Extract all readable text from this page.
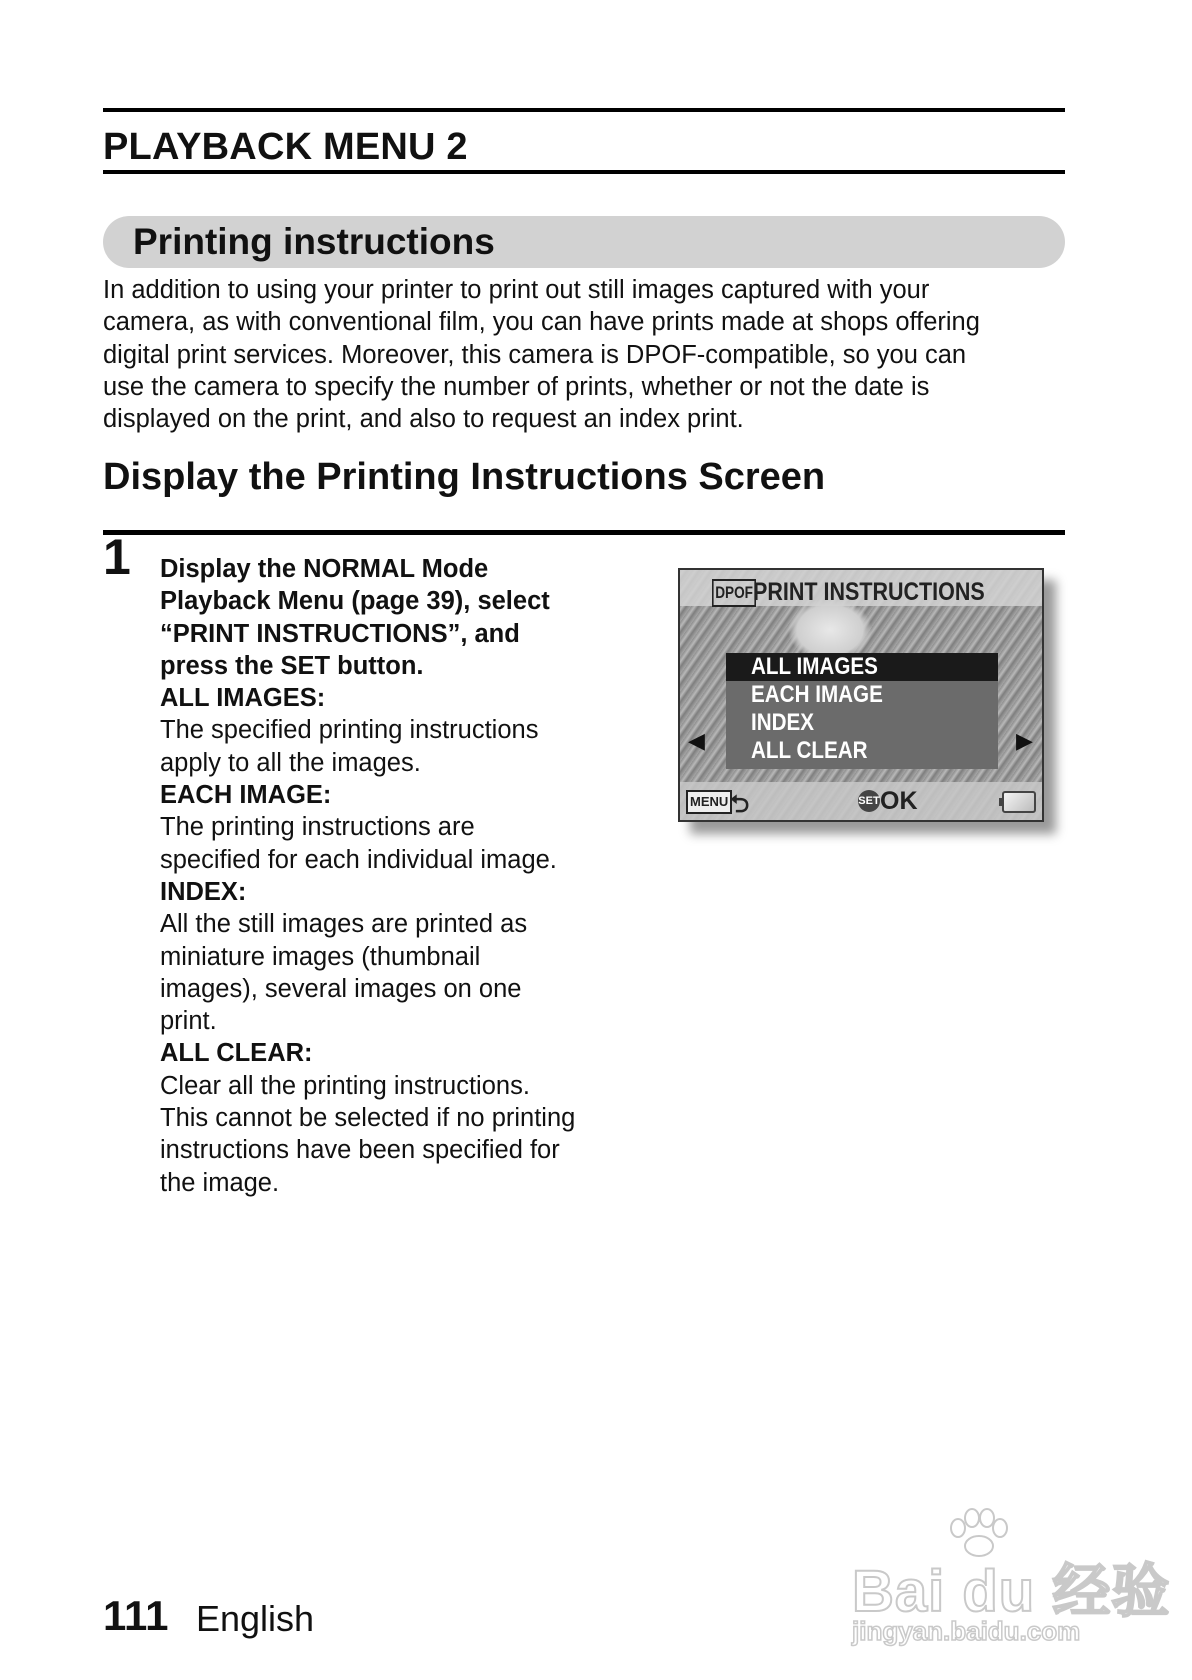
PLAYBACK MENU 2
Printing instructions

In addition to using your printer to print out still images captured with your
camera, as with conventional film, you can have prints made at shops offering
digital print services. Moreover, this camera is DPOF-compatible, so you can
use the camera to specify the number of prints, whether or not the date is
displayed on the print, and also to request an index print.

Display the Printing Instructions Screen
1 Display the NORMAL Mode
Playback Menu (page 39), select
“PRINT INSTRUCTIONS”, and
press the SET button.

ALL IMAGES:

The specified printing instructions
apply to all the images.

EACH IMAGE:

The printing instructions are
specified for each individual image.

INDEX:

All the still images are printed as
miniature images (thumbnail
images), several images on one
print.

ALL CLEAR:

Clear all the printing instructions.
This cannot be selected if no printing
instructions have been specified for
the image.

DPOF PRINT INSTRUCTIONS
◀	▶
ALL IMAGES
EACH IMAGE
INDEX
ALL CLEAR
MENU ⮌	SET OK
111 English	Bai du 经验
jingyan.baidu.com
